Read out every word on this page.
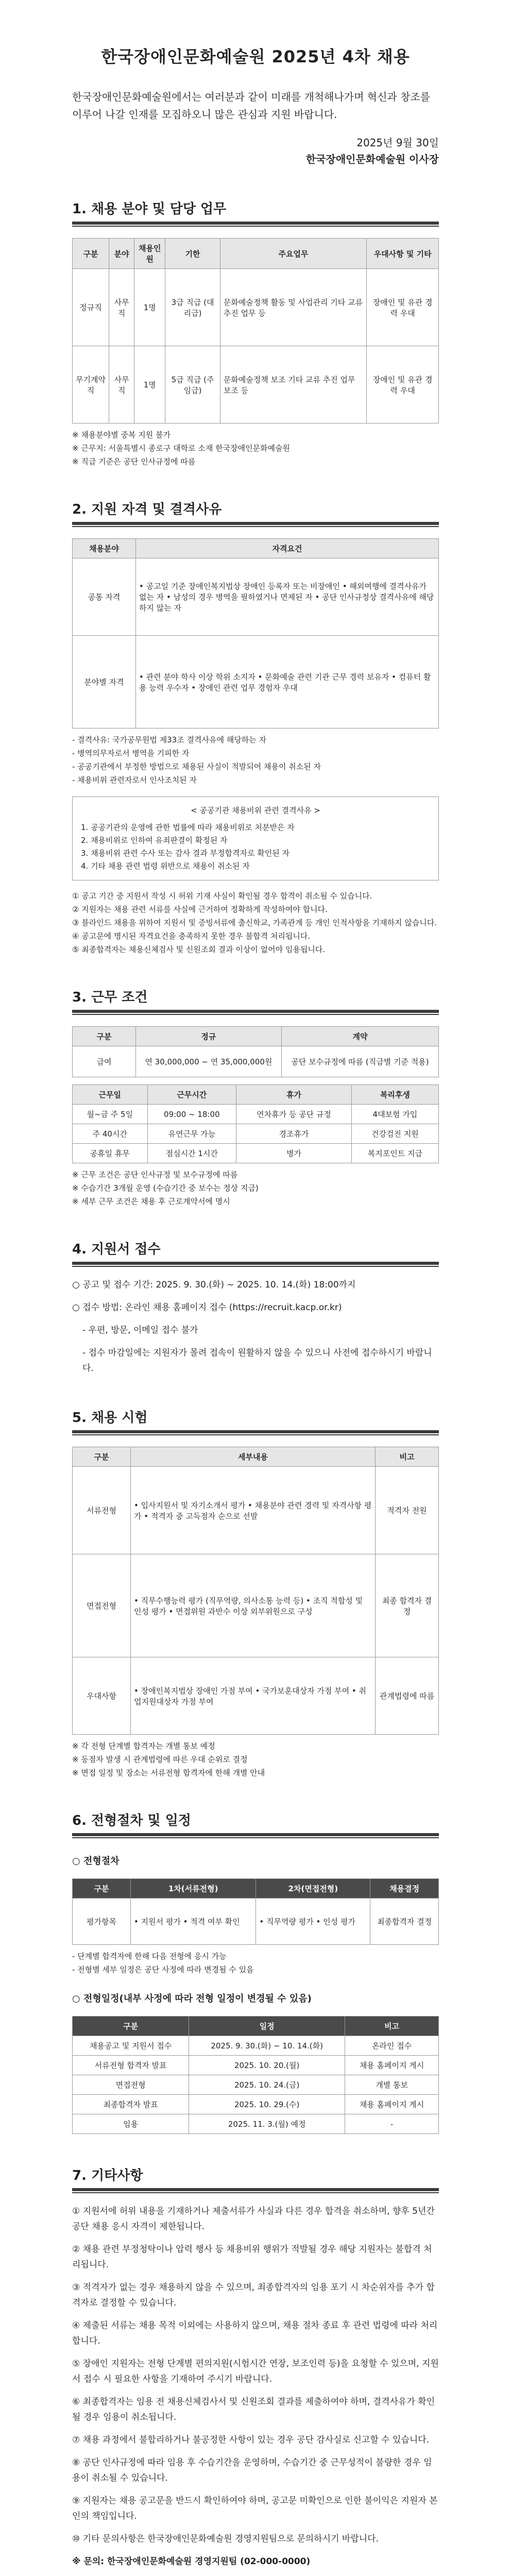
한국장애인문화예술원 2025년 4차 채용
한국장애인문화예술원에서는 여러분과 같이 미래를 개척해나가며 혁신과 창조를 이루어 나갈 인재를 모집하오니 많은 관심과 지원 바랍니다.
2025년 9월 30일
한국장애인문화예술원 이사장
1. 채용 분야 및 담당 업무
구분	분야	채용인원	기한	주요업무	우대사항 및 기타
정규직	사무직	1명	3급 직급 (대리급)	문화예술정책 활동 및 사업관리 기타 교류 추진 업무 등	장애인 및 유관 경력 우대
무기계약직	사무직	1명	5급 직급 (주임급)	문화예술정책 보조 기타 교류 추진 업무 보조 등	장애인 및 유관 경력 우대
※ 채용분야별 중복 지원 불가
※ 근무지: 서울특별시 종로구 대학로 소재 한국장애인문화예술원
※ 직급 기준은 공단 인사규정에 따름
2. 지원 자격 및 결격사유
채용분야	자격요건
공통 자격	• 공고일 기준 장애인복지법상 장애인 등록자 또는 비장애인 • 해외여행에 결격사유가 없는 자 • 남성의 경우 병역을 필하였거나 면제된 자 • 공단 인사규정상 결격사유에 해당하지 않는 자
분야별 자격	• 관련 분야 학사 이상 학위 소지자 • 문화예술 관련 기관 근무 경력 보유자 • 컴퓨터 활용 능력 우수자 • 장애인 관련 업무 경험자 우대
- 결격사유: 국가공무원법 제33조 결격사유에 해당하는 자
- 병역의무자로서 병역을 기피한 자
- 공공기관에서 부정한 방법으로 채용된 사실이 적발되어 채용이 취소된 자
- 채용비위 관련자로서 인사조치된 자
< 공공기관 채용비위 관련 결격사유 >
1. 공공기관의 운영에 관한 법률에 따라 채용비위로 처분받은 자
2. 채용비위로 인하여 유죄판결이 확정된 자
3. 채용비위 관련 수사 또는 감사 결과 부정합격자로 확인된 자
4. 기타 채용 관련 법령 위반으로 채용이 취소된 자
① 공고 기간 중 지원서 작성 시 허위 기재 사실이 확인될 경우 합격이 취소될 수 있습니다.
② 지원자는 채용 관련 서류를 사실에 근거하여 정확하게 작성하여야 합니다.
③ 블라인드 채용을 위하여 지원서 및 증빙서류에 출신학교, 가족관계 등 개인 인적사항을 기재하지 않습니다.
④ 공고문에 명시된 자격요건을 충족하지 못한 경우 불합격 처리됩니다.
⑤ 최종합격자는 채용신체검사 및 신원조회 결과 이상이 없어야 임용됩니다.
3. 근무 조건
구분	정규	계약
급여	연 30,000,000 ~ 연 35,000,000원	공단 보수규정에 따름 (직급별 기준 적용)
근무일	근무시간	휴가	복리후생
월~금 주 5일	09:00 ~ 18:00	연차휴가 등 공단 규정	4대보험 가입
주 40시간	유연근무 가능	경조휴가	건강검진 지원
공휴일 휴무	점심시간 1시간	병가	복지포인트 지급
※ 근무 조건은 공단 인사규정 및 보수규정에 따름
※ 수습기간 3개월 운영 (수습기간 중 보수는 정상 지급)
※ 세부 근무 조건은 채용 후 근로계약서에 명시
4. 지원서 접수
○ 공고 및 접수 기간: 2025. 9. 30.(화) ~ 2025. 10. 14.(화) 18:00까지
○ 접수 방법: 온라인 채용 홈페이지 접수 (https://recruit.kacp.or.kr)
- 우편, 방문, 이메일 접수 불가
- 접수 마감일에는 지원자가 몰려 접속이 원활하지 않을 수 있으니 사전에 접수하시기 바랍니다.
5. 채용 시험
구분	세부내용	비고
서류전형	• 입사지원서 및 자기소개서 평가 • 채용분야 관련 경력 및 자격사항 평가 • 적격자 중 고득점자 순으로 선발	적격자 전원
면접전형	• 직무수행능력 평가 (직무역량, 의사소통 능력 등) • 조직 적합성 및 인성 평가 • 면접위원 과반수 이상 외부위원으로 구성	최종 합격자 결정
우대사항	• 장애인복지법상 장애인 가점 부여 • 국가보훈대상자 가점 부여 • 취업지원대상자 가점 부여	관계법령에 따름
※ 각 전형 단계별 합격자는 개별 통보 예정
※ 동점자 발생 시 관계법령에 따른 우대 순위로 결정
※ 면접 일정 및 장소는 서류전형 합격자에 한해 개별 안내
6. 전형절차 및 일정
○ 전형절차
구분	1차(서류전형)	2차(면접전형)	채용결정
평가항목	• 지원서 평가 • 적격 여부 확인	• 직무역량 평가 • 인성 평가	최종합격자 결정
- 단계별 합격자에 한해 다음 전형에 응시 가능
- 전형별 세부 일정은 공단 사정에 따라 변경될 수 있음
○ 전형일정(내부 사정에 따라 전형 일정이 변경될 수 있음)
구분	일정	비고
채용공고 및 지원서 접수	2025. 9. 30.(화) ~ 10. 14.(화)	온라인 접수
서류전형 합격자 발표	2025. 10. 20.(월)	채용 홈페이지 게시
면접전형	2025. 10. 24.(금)	개별 통보
최종합격자 발표	2025. 10. 29.(수)	채용 홈페이지 게시
임용	2025. 11. 3.(월) 예정	-
7. 기타사항
① 지원서에 허위 내용을 기재하거나 제출서류가 사실과 다른 경우 합격을 취소하며, 향후 5년간 공단 채용 응시 자격이 제한됩니다.
② 채용 관련 부정청탁이나 압력 행사 등 채용비위 행위가 적발될 경우 해당 지원자는 불합격 처리됩니다.
③ 적격자가 없는 경우 채용하지 않을 수 있으며, 최종합격자의 임용 포기 시 차순위자를 추가 합격자로 결정할 수 있습니다.
④ 제출된 서류는 채용 목적 이외에는 사용하지 않으며, 채용 절차 종료 후 관련 법령에 따라 처리합니다.
⑤ 장애인 지원자는 전형 단계별 편의지원(시험시간 연장, 보조인력 등)을 요청할 수 있으며, 지원서 접수 시 필요한 사항을 기재하여 주시기 바랍니다.
⑥ 최종합격자는 임용 전 채용신체검사서 및 신원조회 결과를 제출하여야 하며, 결격사유가 확인될 경우 임용이 취소됩니다.
⑦ 채용 과정에서 불합리하거나 불공정한 사항이 있는 경우 공단 감사실로 신고할 수 있습니다.
⑧ 공단 인사규정에 따라 임용 후 수습기간을 운영하며, 수습기간 중 근무성적이 불량한 경우 임용이 취소될 수 있습니다.
⑨ 지원자는 채용 공고문을 반드시 확인하여야 하며, 공고문 미확인으로 인한 불이익은 지원자 본인의 책임입니다.
⑩ 기타 문의사항은 한국장애인문화예술원 경영지원팀으로 문의하시기 바랍니다.
※ 문의: 한국장애인문화예술원 경영지원팀 (02-000-0000)
